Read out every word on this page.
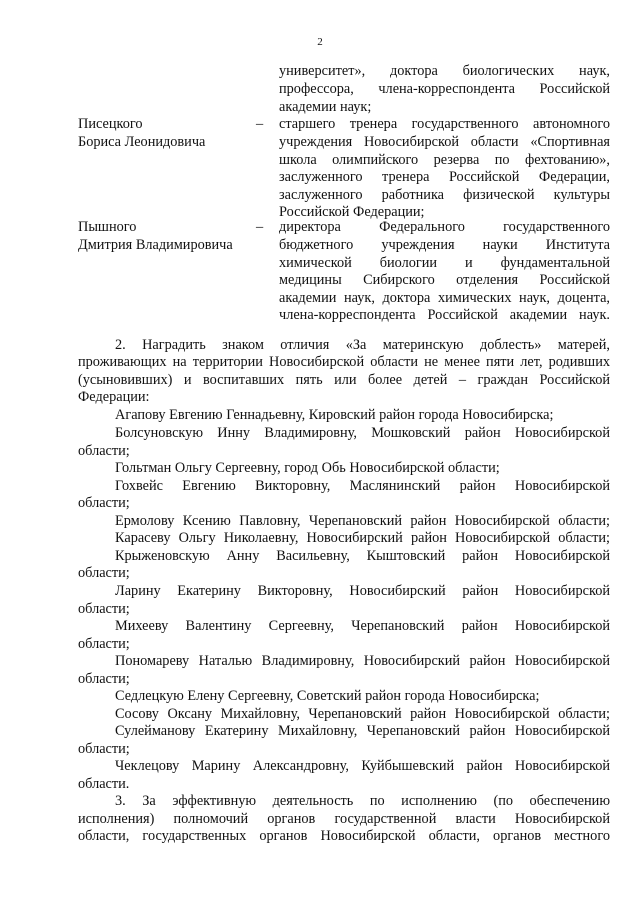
2
университет», доктора биологических наук,
профессора, члена-корреспондента Российской
академии наук;
Писецкого
Бориса Леонидовича
– старшего тренера государственного автономного
учреждения Новосибирской области «Спортивная
школа олимпийского резерва по фехтованию»,
заслуженного тренера Российской Федерации,
заслуженного работника физической культуры
Российской Федерации;
Пышного
Дмитрия Владимировича
– директора Федерального государственного
бюджетного учреждения науки Института
химической биологии и фундаментальной
медицины Сибирского отделения Российской
академии наук, доктора химических наук, доцента,
члена-корреспондента Российской академии наук.
2. Наградить знаком отличия «За материнскую доблесть» матерей,
проживающих на территории Новосибирской области не менее пяти лет, родивших
(усыновивших) и воспитавших пять или более детей – граждан Российской
Федерации:
Агапову Евгению Геннадьевну, Кировский район города Новосибирска;
Болсуновскую Инну Владимировну, Мошковский район Новосибирской
области;
Гольтман Ольгу Сергеевну, город Обь Новосибирской области;
Гохвейс Евгению Викторовну, Маслянинский район Новосибирской
области;
Ермолову Ксению Павловну, Черепановский район Новосибирской области;
Карасеву Ольгу Николаевну, Новосибирский район Новосибирской области;
Крыженовскую Анну Васильевну, Кыштовский район Новосибирской
области;
Ларину Екатерину Викторовну, Новосибирский район Новосибирской
области;
Михееву Валентину Сергеевну, Черепановский район Новосибирской
области;
Пономареву Наталью Владимировну, Новосибирский район Новосибирской
области;
Седлецкую Елену Сергеевну, Советский район города Новосибирска;
Сосову Оксану Михайловну, Черепановский район Новосибирской области;
Сулейманову Екатерину Михайловну, Черепановский район Новосибирской
области;
Чеклецову Марину Александровну, Куйбышевский район Новосибирской
области.
3. За эффективную деятельность по исполнению (по обеспечению
исполнения) полномочий органов государственной власти Новосибирской
области, государственных органов Новосибирской области, органов местного
